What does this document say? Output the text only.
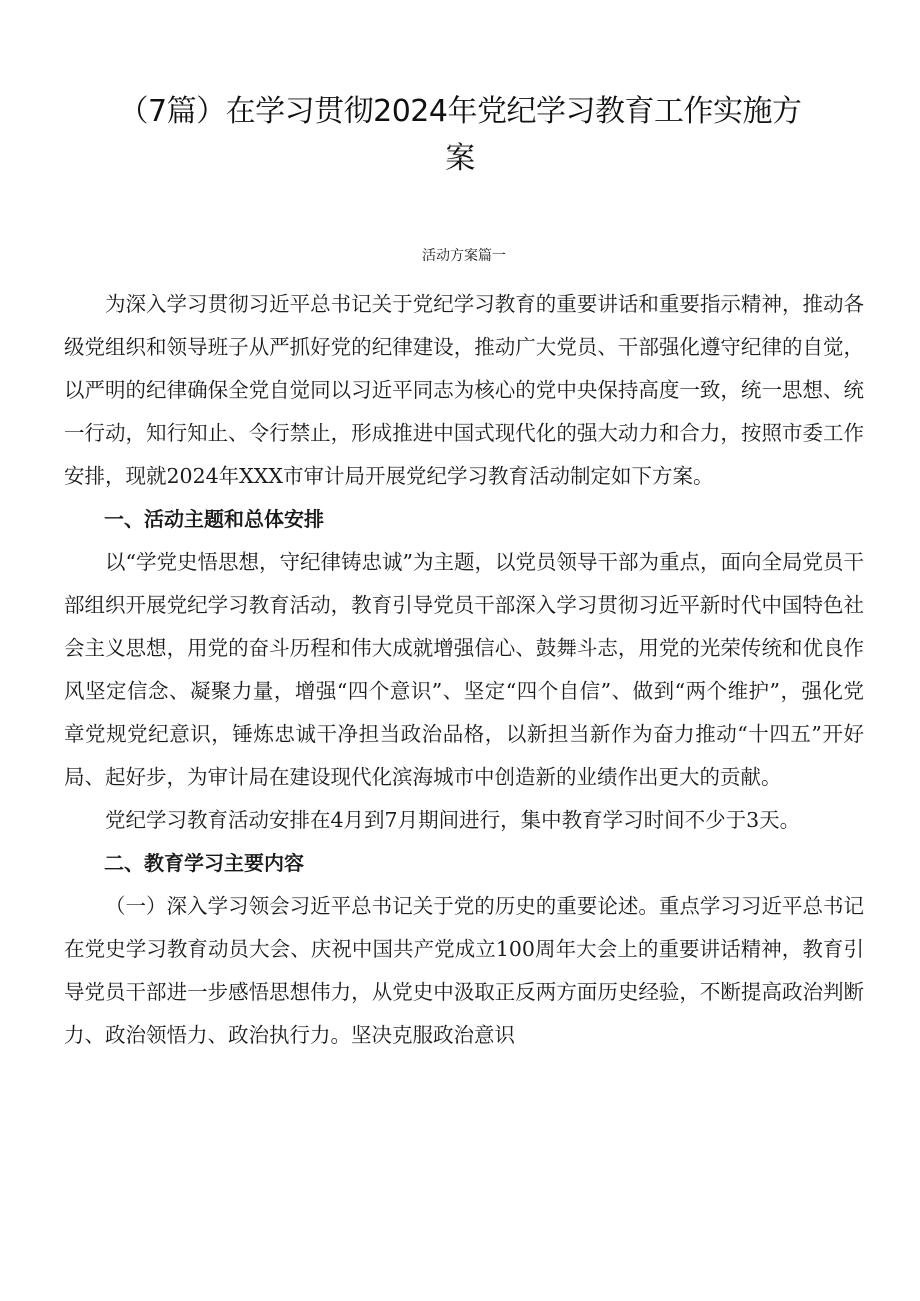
（7篇）在学习贯彻2024年党纪学习教育工作实施方案

活动方案篇一

为深入学习贯彻习近平总书记关于党纪学习教育的重要讲话和重要指示精神，推动各级党组织和领导班子从严抓好党的纪律建设，推动广大党员、干部强化遵守纪律的自觉，以严明的纪律确保全党自觉同以习近平同志为核心的党中央保持高度一致，统一思想、统一行动，知行知止、令行禁止，形成推进中国式现代化的强大动力和合力，按照市委工作安排，现就2024年XXX市审计局开展党纪学习教育活动制定如下方案。

一、活动主题和总体安排

以“学党史悟思想，守纪律铸忠诚”为主题，以党员领导干部为重点，面向全局党员干部组织开展党纪学习教育活动，教育引导党员干部深入学习贯彻习近平新时代中国特色社会主义思想，用党的奋斗历程和伟大成就增强信心、鼓舞斗志，用党的光荣传统和优良作风坚定信念、凝聚力量，增强“四个意识”、坚定“四个自信”、做到“两个维护”，强化党章党规党纪意识，锤炼忠诚干净担当政治品格，以新担当新作为奋力推动“十四五”开好局、起好步，为审计局在建设现代化滨海城市中创造新的业绩作出更大的贡献。

党纪学习教育活动安排在4月到7月期间进行，集中教育学习时间不少于3天。

二、教育学习主要内容

（一）深入学习领会习近平总书记关于党的历史的重要论述。重点学习习近平总书记在党史学习教育动员大会、庆祝中国共产党成立100周年大会上的重要讲话精神，教育引导党员干部进一步感悟思想伟力，从党史中汲取正反两方面历史经验，不断提高政治判断力、政治领悟力、政治执行力。坚决克服政治意识
